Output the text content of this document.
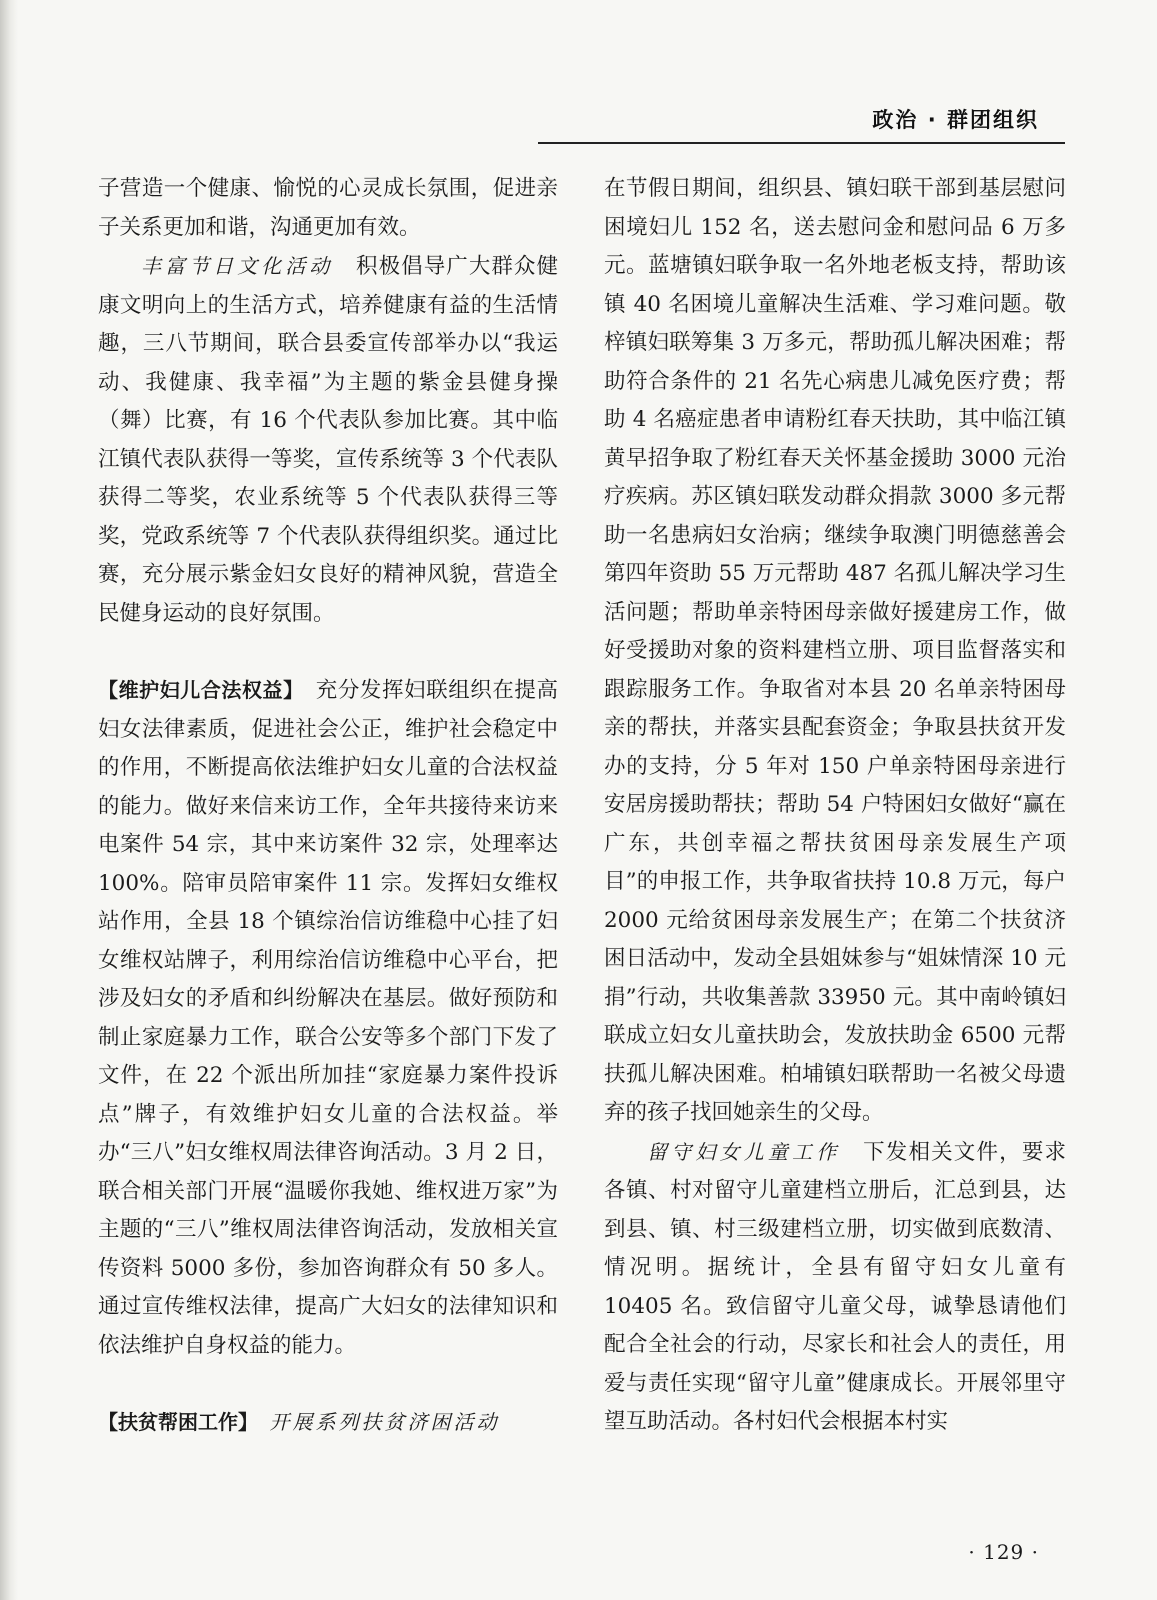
政治 · 群团组织

子营造一个健康、愉悦的心灵成长氛围，促进亲子关系更加和谐，沟通更加有效。

丰富节日文化活动　 积极倡导广大群众健康文明向上的生活方式，培养健康有益的生活情趣，三八节期间，联合县委宣传部举办以“我运动、我健康、我幸福”为主题的紫金县健身操（舞）比赛，有 16 个代表队参加比赛。其中临江镇代表队获得一等奖，宣传系统等 3 个代表队获得二等奖，农业系统等 5 个代表队获得三等奖，党政系统等 7 个代表队获得组织奖。通过比赛，充分展示紫金妇女良好的精神风貌，营造全民健身运动的良好氛围。

【维护妇儿合法权益】　 充分发挥妇联组织在提高妇女法律素质，促进社会公正，维护社会稳定中的作用，不断提高依法维护妇女儿童的合法权益的能力。做好来信来访工作，全年共接待来访来电案件 54 宗，其中来访案件 32 宗，处理率达 100%。陪审员陪审案件 11 宗。发挥妇女维权站作用，全县 18 个镇综治信访维稳中心挂了妇女维权站牌子，利用综治信访维稳中心平台，把涉及妇女的矛盾和纠纷解决在基层。做好预防和制止家庭暴力工作，联合公安等多个部门下发了文件，在 22 个派出所加挂“家庭暴力案件投诉点”牌子，有效维护妇女儿童的合法权益。举办“三八”妇女维权周法律咨询活动。3 月 2 日，联合相关部门开展“温暖你我她、维权进万家”为主题的“三八”维权周法律咨询活动，发放相关宣传资料 5000 多份，参加咨询群众有 50 多人。通过宣传维权法律，提高广大妇女的法律知识和依法维护自身权益的能力。

【扶贫帮困工作】　 开展系列扶贫济困活动

在节假日期间，组织县、镇妇联干部到基层慰问困境妇儿 152 名，送去慰问金和慰问品 6 万多元。蓝塘镇妇联争取一名外地老板支持，帮助该镇 40 名困境儿童解决生活难、学习难问题。敬梓镇妇联筹集 3 万多元，帮助孤儿解决困难；帮助符合条件的 21 名先心病患儿减免医疗费；帮助 4 名癌症患者申请粉红春天扶助，其中临江镇黄早招争取了粉红春天关怀基金援助 3000 元治疗疾病。苏区镇妇联发动群众捐款 3000 多元帮助一名患病妇女治病；继续争取澳门明德慈善会第四年资助 55 万元帮助 487 名孤儿解决学习生活问题；帮助单亲特困母亲做好援建房工作，做好受援助对象的资料建档立册、项目监督落实和跟踪服务工作。争取省对本县 20 名单亲特困母亲的帮扶，并落实县配套资金；争取县扶贫开发办的支持，分 5 年对 150 户单亲特困母亲进行安居房援助帮扶；帮助 54 户特困妇女做好“赢在广东，共创幸福之帮扶贫困母亲发展生产项目”的申报工作，共争取省扶持 10.8 万元，每户 2000 元给贫困母亲发展生产；在第二个扶贫济困日活动中，发动全县姐妹参与“姐妹情深 10 元捐”行动，共收集善款 33950 元。其中南岭镇妇联成立妇女儿童扶助会，发放扶助金 6500 元帮扶孤儿解决困难。柏埔镇妇联帮助一名被父母遗弃的孩子找回她亲生的父母。

留守妇女儿童工作　 下发相关文件，要求各镇、村对留守儿童建档立册后，汇总到县，达到县、镇、村三级建档立册，切实做到底数清、情况明。据统计，全县有留守妇女儿童有 10405 名。致信留守儿童父母，诚挚恳请他们配合全社会的行动，尽家长和社会人的责任，用爱与责任实现“留守儿童”健康成长。开展邻里守望互助活动。各村妇代会根据本村实

· 129 ·
